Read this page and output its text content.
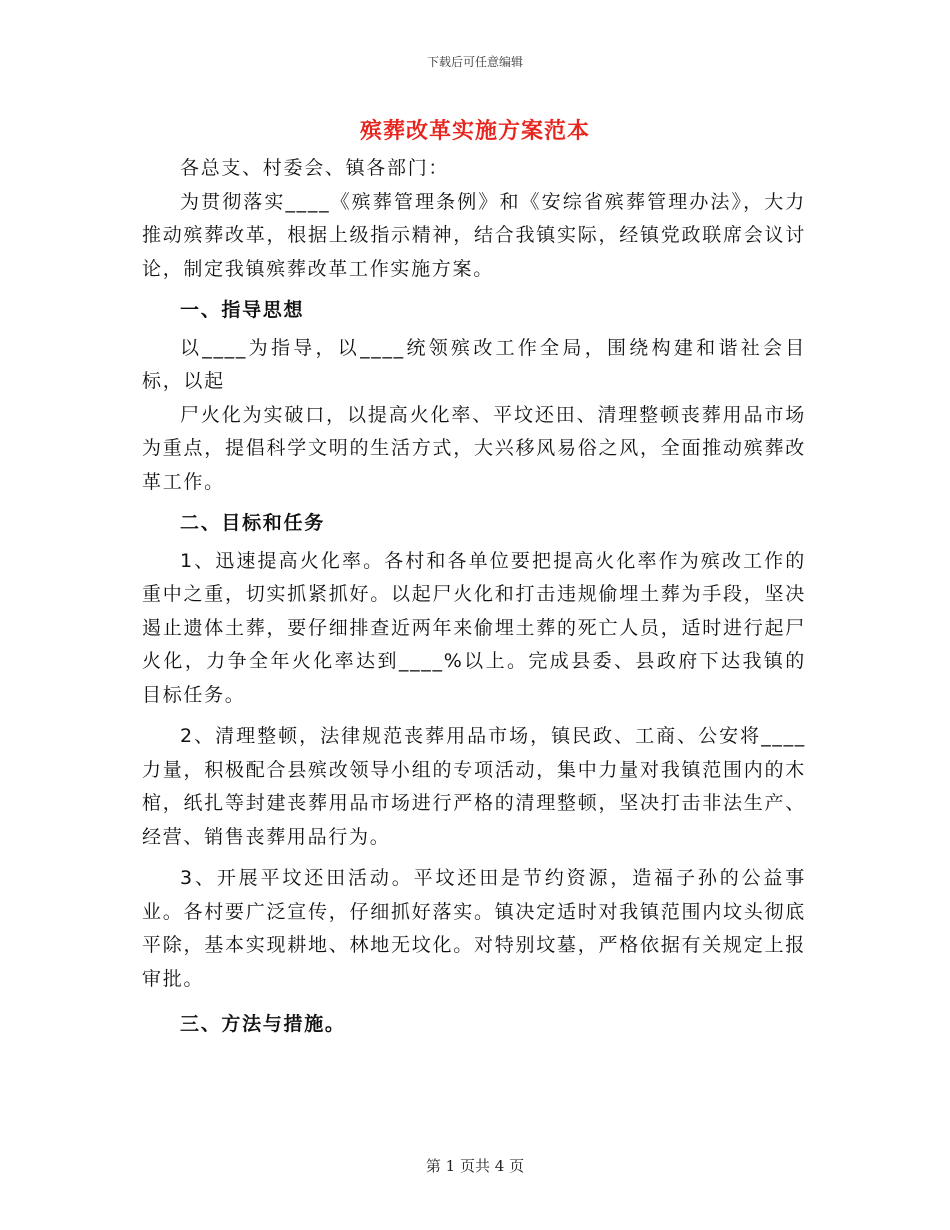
下载后可任意编辑
殡葬改革实施方案范本

各总支、村委会、镇各部门：

为贯彻落实____《殡葬管理条例》和《安综省殡葬管理办法》，大力推动殡葬改革，根据上级指示精神，结合我镇实际，经镇党政联席会议讨论，制定我镇殡葬改革工作实施方案。

一、指导思想

以____为指导，以____统领殡改工作全局，围绕构建和谐社会目标，以起

尸火化为实破口，以提高火化率、平坟还田、清理整顿丧葬用品市场为重点，提倡科学文明的生活方式，大兴移风易俗之风，全面推动殡葬改革工作。

二、目标和任务

1、迅速提高火化率。各村和各单位要把提高火化率作为殡改工作的重中之重，切实抓紧抓好。以起尸火化和打击违规偷埋土葬为手段，坚决遏止遗体土葬，要仔细排查近两年来偷埋土葬的死亡人员，适时进行起尸火化，力争全年火化率达到____%以上。完成县委、县政府下达我镇的目标任务。

2、清理整顿，法律规范丧葬用品市场，镇民政、工商、公安将____力量，积极配合县殡改领导小组的专项活动，集中力量对我镇范围内的木棺，纸扎等封建丧葬用品市场进行严格的清理整顿，坚决打击非法生产、经营、销售丧葬用品行为。

3、开展平坟还田活动。平坟还田是节约资源，造福子孙的公益事业。各村要广泛宣传，仔细抓好落实。镇决定适时对我镇范围内坟头彻底平除，基本实现耕地、林地无坟化。对特别坟墓，严格依据有关规定上报审批。

三、方法与措施。

第 1 页共 4 页
